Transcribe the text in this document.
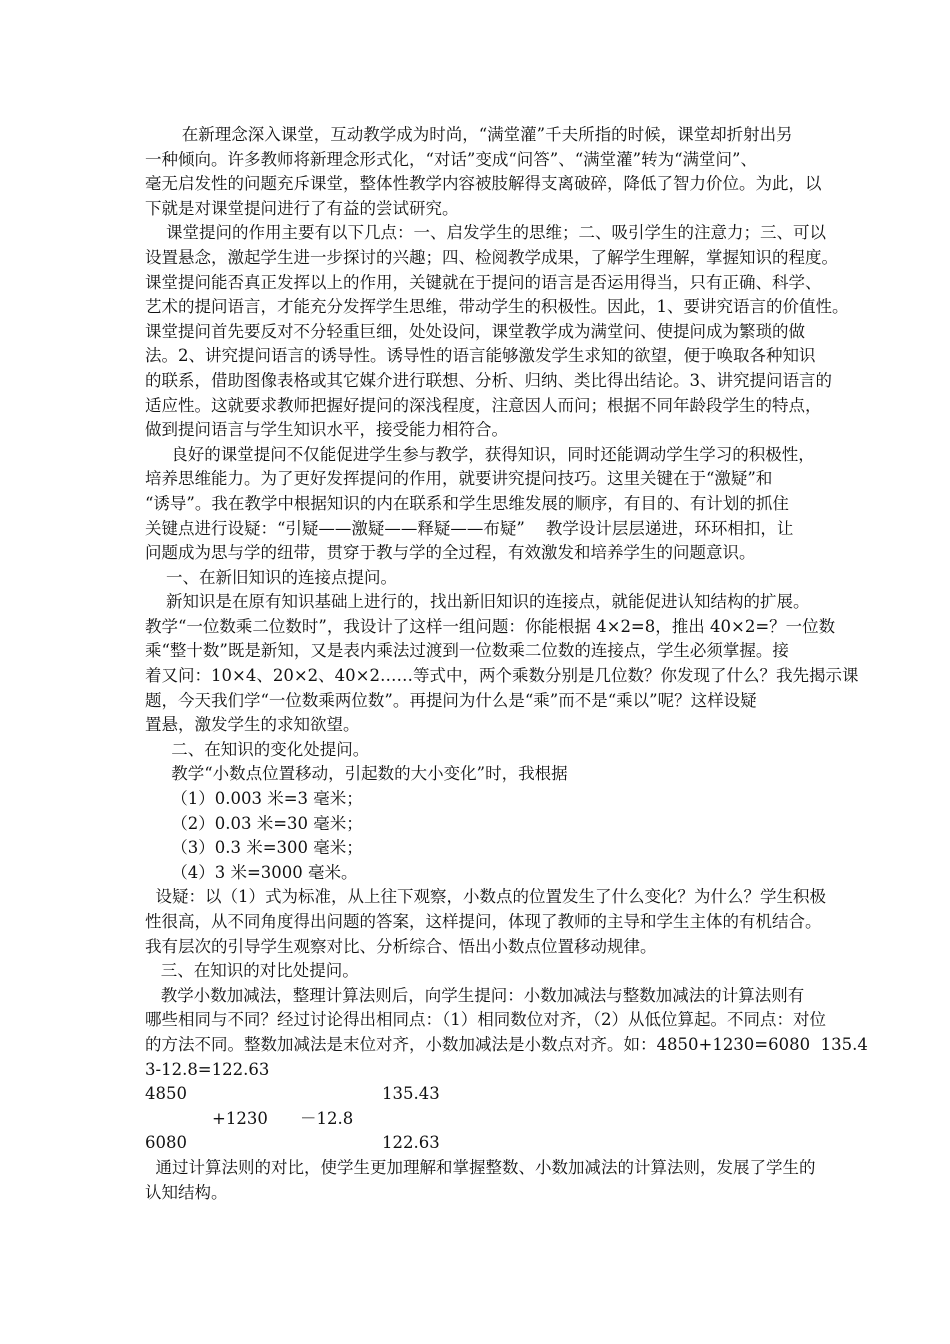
在新理念深入课堂，互动教学成为时尚，“满堂灌”千夫所指的时候，课堂却折射出另
一种倾向。许多教师将新理念形式化，“对话”变成“问答”、“满堂灌”转为“满堂问”、
毫无启发性的问题充斥课堂，整体性教学内容被肢解得支离破碎，降低了智力价位。为此，以
下就是对课堂提问进行了有益的尝试研究。
课堂提问的作用主要有以下几点：一、启发学生的思维；二、吸引学生的注意力；三、可以
设置悬念，激起学生进一步探讨的兴趣；四、检阅教学成果，了解学生理解，掌握知识的程度。
课堂提问能否真正发挥以上的作用，关键就在于提问的语言是否运用得当，只有正确、科学、
艺术的提问语言，才能充分发挥学生思维，带动学生的积极性。因此，1、要讲究语言的价值性。
课堂提问首先要反对不分轻重巨细，处处设问，课堂教学成为满堂问、使提问成为繁琐的做
法。2、讲究提问语言的诱导性。诱导性的语言能够激发学生求知的欲望，便于唤取各种知识
的联系，借助图像表格或其它媒介进行联想、分析、归纳、类比得出结论。3、讲究提问语言的
适应性。这就要求教师把握好提问的深浅程度，注意因人而问；根据不同年龄段学生的特点，
做到提问语言与学生知识水平，接受能力相符合。
良好的课堂提问不仅能促进学生参与教学，获得知识，同时还能调动学生学习的积极性，
培养思维能力。为了更好发挥提问的作用，就要讲究提问技巧。这里关键在于“激疑”和
“诱导”。我在教学中根据知识的内在联系和学生思维发展的顺序，有目的、有计划的抓住
关键点进行设疑：“引疑——激疑——释疑——布疑”    教学设计层层递进，环环相扣，让
问题成为思与学的纽带，贯穿于教与学的全过程，有效激发和培养学生的问题意识。
一、在新旧知识的连接点提问。
新知识是在原有知识基础上进行的，找出新旧知识的连接点，就能促进认知结构的扩展。
教学“一位数乘二位数时”，我设计了这样一组问题：你能根据 4×2=8，推出 40×2=？一位数
乘“整十数”既是新知，又是表内乘法过渡到一位数乘二位数的连接点，学生必须掌握。接
着又问：10×4、20×2、40×2……等式中，两个乘数分别是几位数？你发现了什么？我先揭示课
题，今天我们学“一位数乘两位数”。再提问为什么是“乘”而不是“乘以”呢？这样设疑
置悬，激发学生的求知欲望。
二、在知识的变化处提问。
教学“小数点位置移动，引起数的大小变化”时，我根据
（1）0.003 米=3 毫米；
（2）0.03 米=30 毫米；
（3）0.3 米=300 毫米；
（4）3 米=3000 毫米。
设疑：以（1）式为标准，从上往下观察，小数点的位置发生了什么变化？为什么？学生积极
性很高，从不同角度得出问题的答案，这样提问，体现了教师的主导和学生主体的有机结合。
我有层次的引导学生观察对比、分析综合、悟出小数点位置移动规律。
三、在知识的对比处提问。
教学小数加减法，整理计算法则后，向学生提问：小数加减法与整数加减法的计算法则有
哪些相同与不同？经过讨论得出相同点：（1）相同数位对齐，（2）从低位算起。不同点：对位
的方法不同。整数加减法是末位对齐，小数加减法是小数点对齐。如：4850+1230=6080  135.4
3-12.8=122.63
4850	135.43
+1230 －12.8
6080	122.63
通过计算法则的对比，使学生更加理解和掌握整数、小数加减法的计算法则，发展了学生的
认知结构。
